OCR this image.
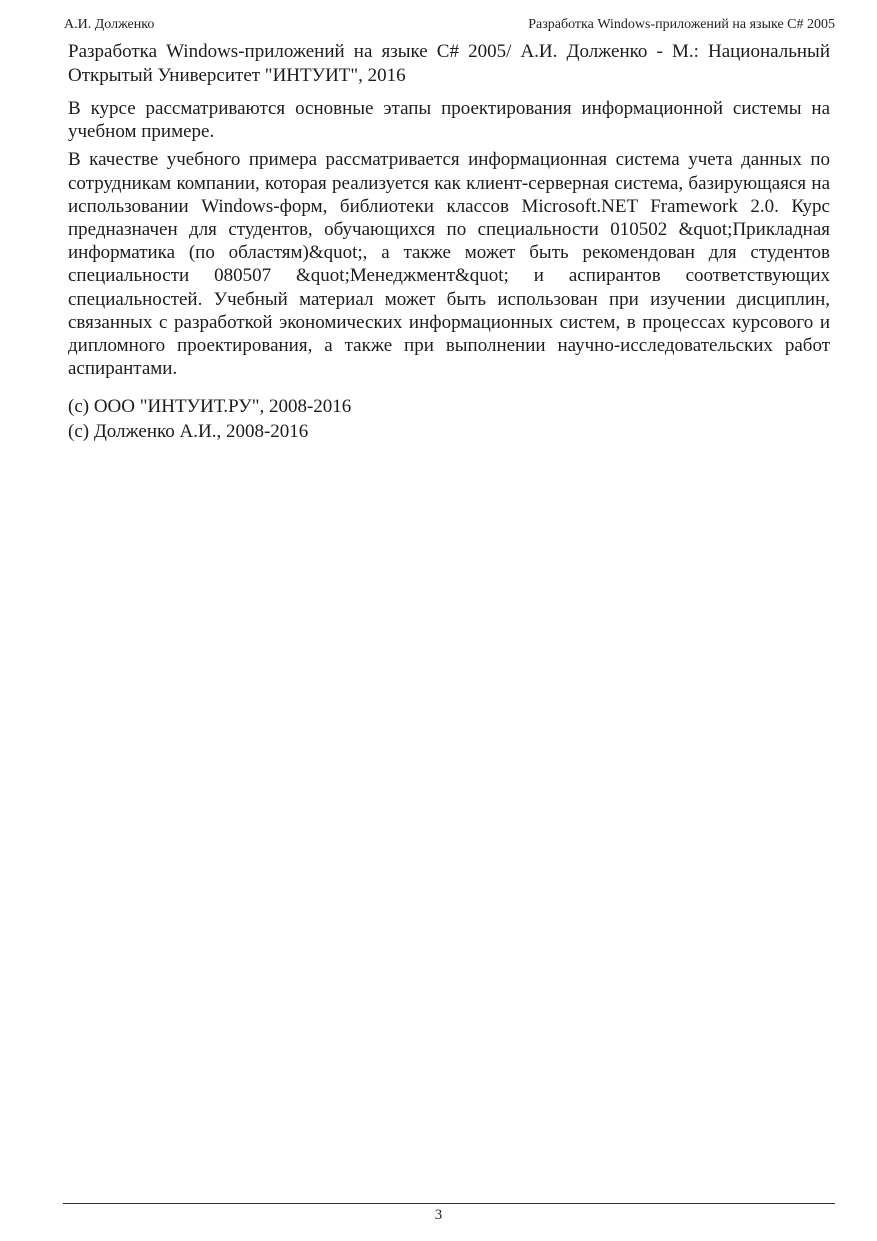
А.И. Долженко	Разработка Windows-приложений на языке C# 2005

Разработка Windows-приложений на языке C# 2005/ А.И. Долженко - М.: Национальный Открытый Университет "ИНТУИТ", 2016

В курсе рассматриваются основные этапы проектирования информационной системы на учебном примере.

В качестве учебного примера рассматривается информационная система учета данных по сотрудникам компании, которая реализуется как клиент-серверная система, базирующаяся на использовании Windows-форм, библиотеки классов Microsoft.NET Framework 2.0. Курс предназначен для студентов, обучающихся по специальности 010502 &quot;Прикладная информатика (по областям)&quot;, а также может быть рекомендован для студентов специальности 080507 &quot;Менеджмент&quot; и аспирантов соответствующих специальностей. Учебный материал может быть использован при изучении дисциплин, связанных с разработкой экономических информационных систем, в процессах курсового и дипломного проектирования, а также при выполнении научно-исследовательских работ аспирантами.

(c) ООО "ИНТУИТ.РУ", 2008-2016
(c) Долженко А.И., 2008-2016
3
